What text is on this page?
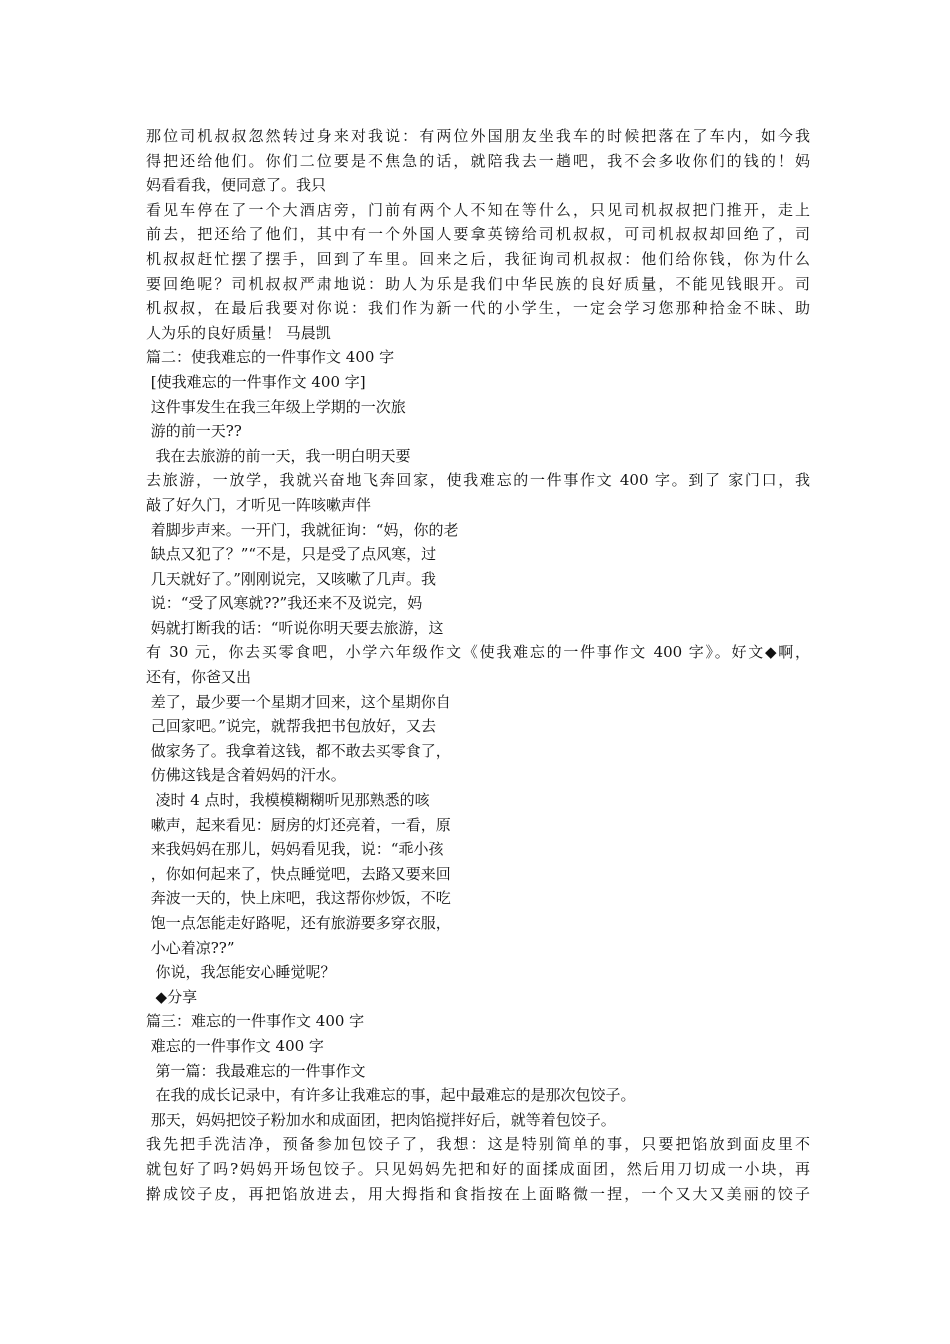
那位司机叔叔忽然转过身来对我说：有两位外国朋友坐我车的时候把落在了车内，如今我
得把还给他们。你们二位要是不焦急的话，就陪我去一趟吧，我不会多收你们的钱的！妈
妈看看我，便同意了。我只
看见车停在了一个大酒店旁，门前有两个人不知在等什么，只见司机叔叔把门推开，走上
前去，把还给了他们，其中有一个外国人要拿英镑给司机叔叔，可司机叔叔却回绝了，司
机叔叔赶忙摆了摆手，回到了车里。回来之后，我征询司机叔叔：他们给你钱，你为什么
要回绝呢？司机叔叔严肃地说：助人为乐是我们中华民族的良好质量，不能见钱眼开。司
机叔叔，在最后我要对你说：我们作为新一代的小学生，一定会学习您那种拾金不昧、助
人为乐的良好质量！ 马晨凯
篇二：使我难忘的一件事作文 400 字
[使我难忘的一件事作文 400 字]
这件事发生在我三年级上学期的一次旅
游的前一天??
我在去旅游的前一天，我一明白明天要
去旅游，一放学，我就兴奋地飞奔回家，使我难忘的一件事作文 400 字。到了 家门口，我
敲了好久门，才听见一阵咳嗽声伴
着脚步声来。一开门，我就征询：“妈，你的老
缺点又犯了？”“不是，只是受了点风寒，过
几天就好了。”刚刚说完，又咳嗽了几声。我
说：“受了风寒就??”我还来不及说完，妈
妈就打断我的话：“听说你明天要去旅游，这
有 30 元，你去买零食吧，小学六年级作文《使我难忘的一件事作文 400 字》。好文◆啊，
还有，你爸又出
差了，最少要一个星期才回来，这个星期你自
己回家吧。”说完，就帮我把书包放好，又去
做家务了。我拿着这钱，都不敢去买零食了，
仿佛这钱是含着妈妈的汗水。
凌时 4 点时，我模模糊糊听见那熟悉的咳
嗽声，起来看见：厨房的灯还亮着，一看，原
来我妈妈在那儿，妈妈看见我，说：“乖小孩
，你如何起来了，快点睡觉吧，去路又要来回
奔波一天的，快上床吧，我这帮你炒饭，不吃
饱一点怎能走好路呢，还有旅游要多穿衣服，
小心着凉??”
你说，我怎能安心睡觉呢？
◆分享
篇三：难忘的一件事作文 400 字
难忘的一件事作文 400 字
第一篇：我最难忘的一件事作文
在我的成长记录中，有许多让我难忘的事，起中最难忘的是那次包饺子。
那天，妈妈把饺子粉加水和成面团，把肉馅搅拌好后，就等着包饺子。
我先把手洗洁净，预备参加包饺子了，我想：这是特别简单的事，只要把馅放到面皮里不
就包好了吗?妈妈开场包饺子。只见妈妈先把和好的面揉成面团，然后用刀切成一小块，再
擀成饺子皮，再把馅放进去，用大拇指和食指按在上面略微一捏，一个又大又美丽的饺子
